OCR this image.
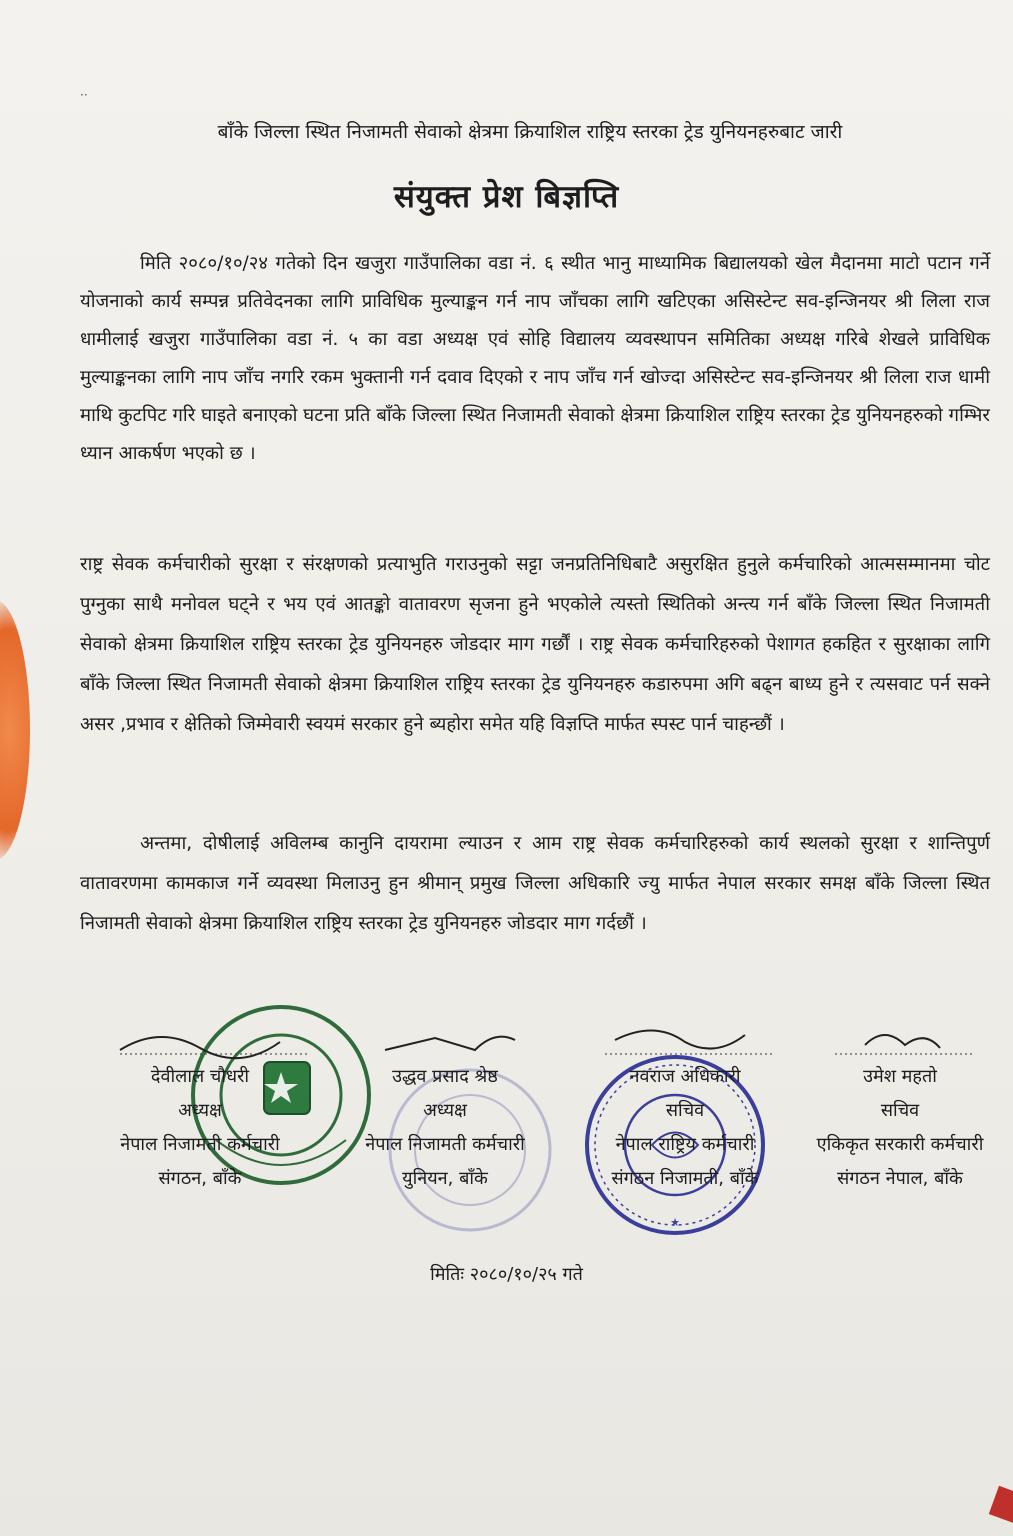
··
बाँके जिल्ला स्थित निजामती सेवाको क्षेत्रमा क्रियाशिल राष्ट्रिय स्तरका ट्रेड युनियनहरुबाट जारी
संयुक्त प्रेश बिज्ञप्ति
मिति २०८०/१०/२४ गतेको दिन खजुरा गाउँपालिका वडा नं. ६ स्थीत भानु माध्यामिक बिद्यालयको खेल मैदानमा माटो पटान गर्ने योजनाको कार्य सम्पन्न प्रतिवेदनका लागि प्राविधिक मुल्याङ्कन गर्न नाप जाँचका लागि खटिएका असिस्टेन्ट सव-इन्जिनयर श्री लिला राज धामीलाई खजुरा गाउँपालिका वडा नं. ५ का वडा अध्यक्ष एवं सोहि विद्यालय व्यवस्थापन समितिका अध्यक्ष गरिबे शेखले प्राविधिक मुल्याङ्कनका लागि नाप जाँच नगरि रकम भुक्तानी गर्न दवाव दिएको र नाप जाँच गर्न खोज्दा असिस्टेन्ट सव-इन्जिनयर श्री लिला राज धामी माथि कुटपिट गरि घाइते बनाएको घटना प्रति बाँके जिल्ला स्थित निजामती सेवाको क्षेत्रमा क्रियाशिल राष्ट्रिय स्तरका ट्रेड युनियनहरुको गम्भिर ध्यान आकर्षण भएको छ ।
राष्ट्र सेवक कर्मचारीको सुरक्षा र संरक्षणको प्रत्याभुति गराउनुको सट्टा जनप्रतिनिधिबाटै असुरक्षित हुनुले कर्मचारिको आत्मसम्मानमा चोट पुग्नुका साथै मनोवल घट्ने र भय एवं आतङ्को वातावरण सृजना हुने भएकोले त्यस्तो स्थितिको अन्त्य गर्न बाँके जिल्ला स्थित निजामती सेवाको क्षेत्रमा क्रियाशिल राष्ट्रिय स्तरका ट्रेड युनियनहरु जोडदार माग गर्छौं । राष्ट्र सेवक कर्मचारिहरुको पेशागत हकहित र सुरक्षाका लागि बाँके जिल्ला स्थित निजामती सेवाको क्षेत्रमा क्रियाशिल राष्ट्रिय स्तरका ट्रेड युनियनहरु कडारुपमा अगि बढ्न बाध्य हुने र त्यसवाट पर्न सक्ने असर ,प्रभाव र क्षेतिको जिम्मेवारी स्वयमं सरकार हुने ब्यहोरा समेत यहि विज्ञप्ति मार्फत स्पस्ट पार्न चाहन्छौं ।
अन्तमा, दोषीलाई अविलम्ब कानुनि दायरामा ल्याउन र आम राष्ट्र सेवक कर्मचारिहरुको कार्य स्थलको सुरक्षा र शान्तिपुर्ण वातावरणमा कामकाज गर्ने व्यवस्था मिलाउनु हुन श्रीमान् प्रमुख जिल्ला अधिकारि ज्यु मार्फत नेपाल सरकार समक्ष बाँके जिल्ला स्थित निजामती सेवाको क्षेत्रमा क्रियाशिल राष्ट्रिय स्तरका ट्रेड युनियनहरु जोडदार माग गर्दछौं ।
★
देवीलाल चौधरी
अध्यक्ष
नेपाल निजामती कर्मचारी
संगठन, बाँके
उद्धव प्रसाद श्रेष्ठ
अध्यक्ष
नेपाल निजामती कर्मचारी
युनियन, बाँके
नवराज अधिकारी
सचिव
नेपाल राष्ट्रिय कर्मचारी
संगठन निजामती, बाँके
उमेश महतो
सचिव
एकिकृत सरकारी कर्मचारी
संगठन नेपाल, बाँके
मितिः २०८०/१०/२५ गते
